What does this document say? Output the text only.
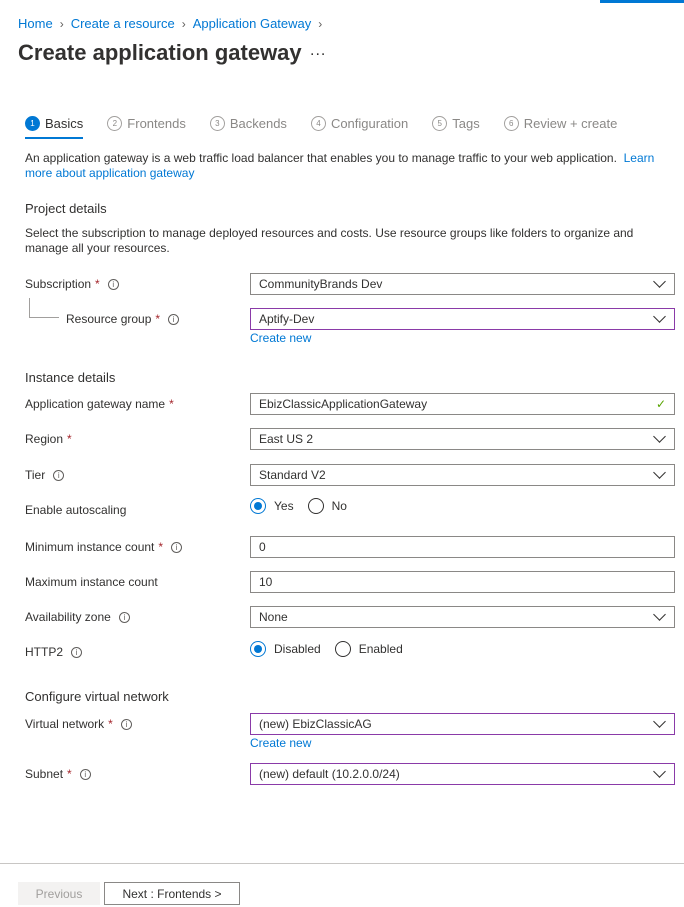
Home › Create a resource › Application Gateway ›
Create application gateway ...
1 Basics	2 Frontends	3 Backends	4 Configuration	5 Tags	6 Review + create

An application gateway is a web traffic load balancer that enables you to manage traffic to your web application. Learn more about application gateway

Project details
Select the subscription to manage deployed resources and costs. Use resource groups like folders to organize and manage all your resources.
Subscription *	i	CommunityBrands Dev
Resource group *	i	Aptify-Dev
Create new
Instance details
Application gateway name *	EbizClassicApplicationGateway	✓
Region *	East US 2
Tier	i	Standard V2
Enable autoscaling	Yes	No
Minimum instance count *	i	0
Maximum instance count	10
Availability zone	i	None
HTTP2	i	Disabled	Enabled
Configure virtual network
Virtual network *	i	(new) EbizClassicAG
Create new
Subnet *	i	(new) default (10.2.0.0/24)
Previous	Next : Frontends >
